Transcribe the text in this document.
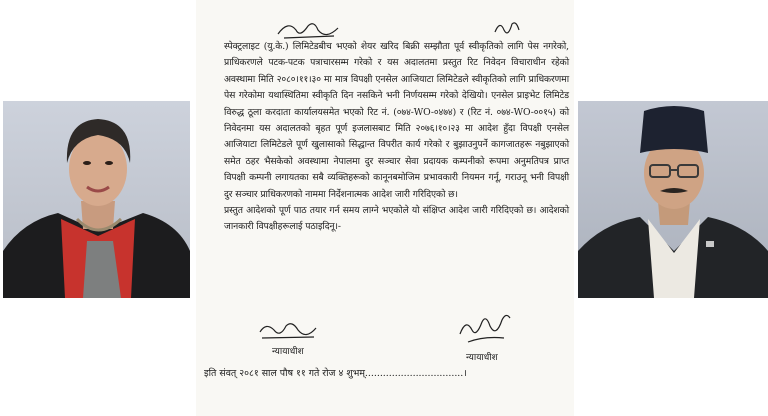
स्पेक्ट्रलाइट (यु.के.) लिमिटेडबीच भएको शेयर खरिद बिक्री सम्झौता पूर्व स्वीकृतिको लागि पेस नगरेको, प्राधिकरणले पटक-पटक पत्राचारसम्म गरेको र यस अदालतमा प्रस्तुत रिट निवेदन विचाराधीन रहेको अवस्थामा मिति २०८०।११।३० मा मात्र विपक्षी एनसेल आजियाटा लिमिटेडले स्वीकृतिको लागि प्राधिकरणमा पेस गरेकोमा यथास्थितिमा स्वीकृति दिन नसकिने भनी निर्णयसम्म गरेको देखियो। एनसेल प्राइभेट लिमिटेड विरुद्ध ठूला करदाता कार्यालयसमेत भएको रिट नं. (०७४-WO-०४७४) र (रिट नं. ०७४-WO-००१५) को निवेदनमा यस अदालतको बृहत पूर्ण इजलासबाट मिति २०७६।१०।२३ मा आदेश हुँदा विपक्षी एनसेल आजियाटा लिमिटेडले पूर्ण खुलासाको सिद्धान्त विपरीत कार्य गरेको र बुझाउनुपर्ने कागजातहरू नबुझाएको समेत ठहर भैसकेको अवस्थामा नेपालमा दुर सञ्चार सेवा प्रदायक कम्पनीको रूपमा अनुमतिपत्र प्राप्त विपक्षी कम्पनी लगायतका सबै व्यक्तिहरूको कानूनबमोजिम प्रभावकारी नियमन गर्नू, गराउनू भनी विपक्षी दुर सञ्चार प्राधिकरणको नाममा निर्देशनात्मक आदेश जारी गरिदिएको छ।

प्रस्तुत आदेशको पूर्ण पाठ तयार गर्न समय लाग्ने भएकोले यो संक्षिप्त आदेश जारी गरिदिएको छ। आदेशको जानकारी विपक्षीहरूलाई पठाइदिनू।-

न्यायाधीश
न्यायाधीश
इति संवत् २०८१ साल पौष ११ गते रोज ४ शुभम्.................................।
